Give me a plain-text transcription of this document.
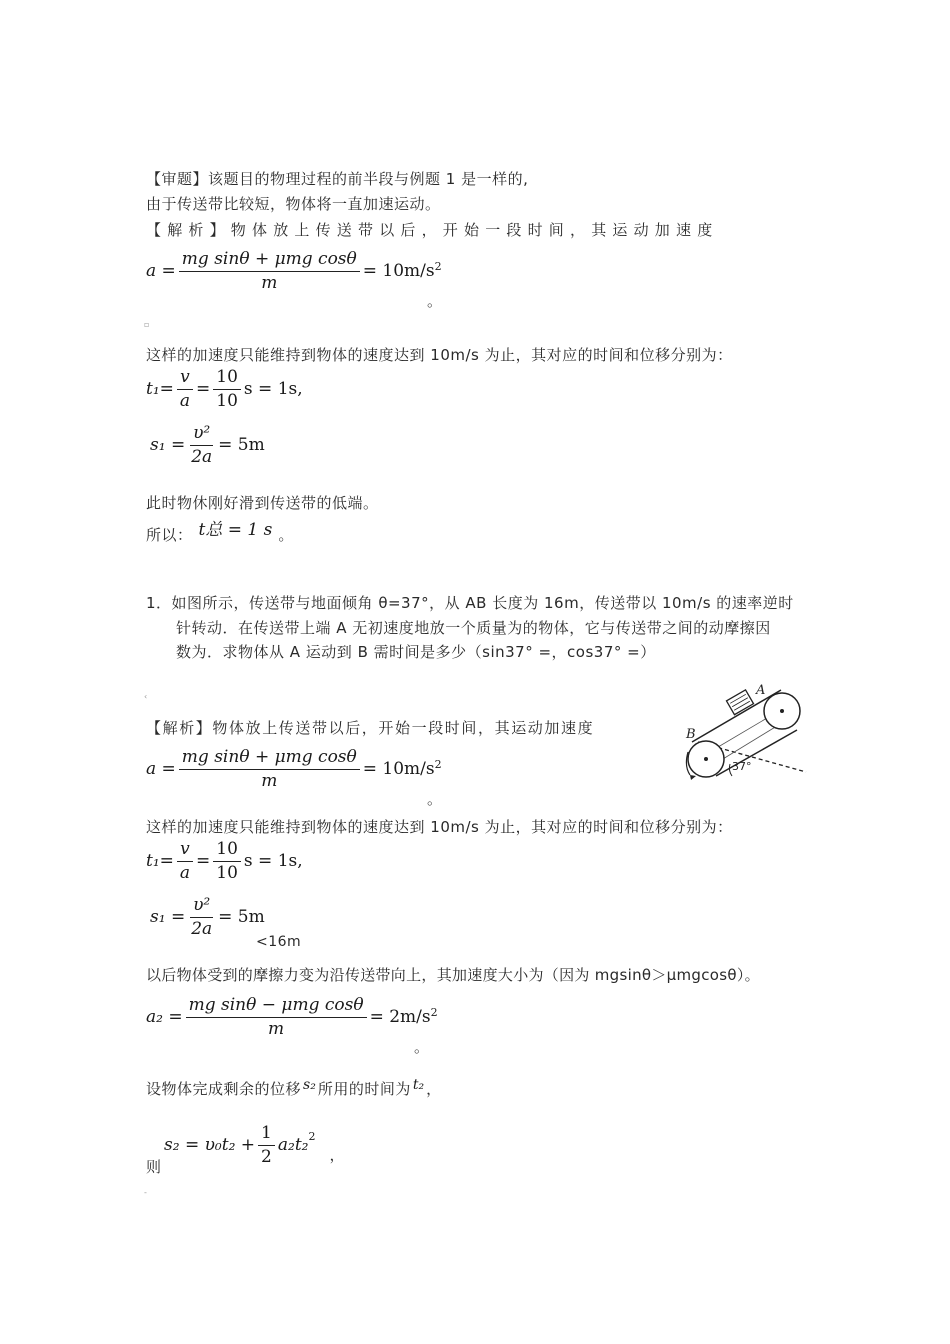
【审题】该题目的物理过程的前半段与例题 1 是一样的,
由于传送带比较短，物体将一直加速运动。
【解析】物体放上传送带以后，开始一段时间，其运动加速度
$a = \frac{\text{mg sinθ + μmg cosθ}}{m} = 10m/s^2$
。
▫
这样的加速度只能维持到物体的速度达到 10m/s 为止，其对应的时间和位移分别为：
$t_1= \frac{v}{a} = \frac{10}{10}$ s = 1s,
$s_1 = \frac{\text{υ²}}{2a} = 5m$
此时物休刚好滑到传送带的低端。
所以： t总 = 1 s 。
1．如图所示，传送带与地面倾角 θ=37°，从 AB 长度为 16m，传送带以 10m/s 的速率逆时
针转动．在传送带上端 A 无初速度地放一个质量为的物体，它与传送带之间的动摩擦因
数为．求物体从 A 运动到 B 需时间是多少（sin37° =，cos37° =）
‹	A
B
37°
【解析】物体放上传送带以后，开始一段时间，其运动加速度
$a = \frac{\text{mg sinθ + μmg cosθ}}{m} = 10m/s^2$
。
这样的加速度只能维持到物体的速度达到 10m/s 为止，其对应的时间和位移分别为：
$t_1= \frac{v}{a} = \frac{10}{10}$ s = 1s,
$s_1 = \frac{\text{υ²}}{2a} = 5m$
<16m
以后物体受到的摩擦力变为沿传送带向上，其加速度大小为（因为 mgsinθ＞μmgcosθ）。
$a_2 = \frac{\text{mg sinθ − μmg cosθ}}{m} = 2m/s^2$
。
设物体完成剩余的位移 s₂ 所用的时间为 t₂ ，
则
$s_2 = \upsilon_0t_2 + \frac{1}{2} a_2t_2^2$
，
-
